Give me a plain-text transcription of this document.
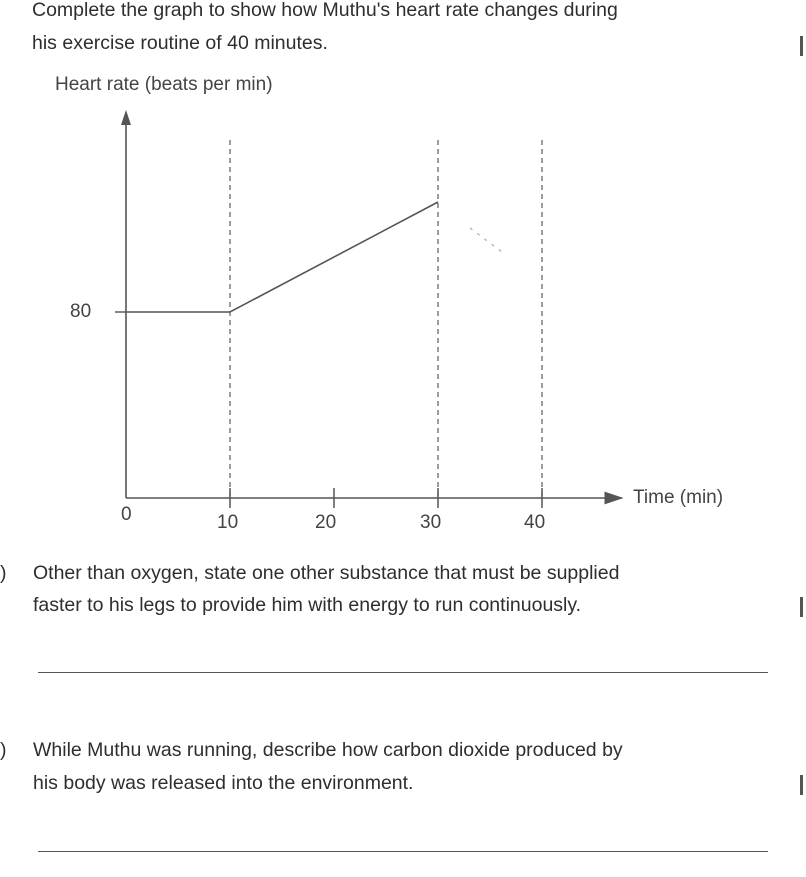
Complete the graph to show how Muthu's heart rate changes during
his exercise routine of 40 minutes.
Heart rate (beats per min)
80
0	10	20	30	40
Time (min)
) Other than oxygen, state one other substance that must be supplied
faster to his legs to provide him with energy to run continuously.
) While Muthu was running, describe how carbon dioxide produced by
his body was released into the environment.
